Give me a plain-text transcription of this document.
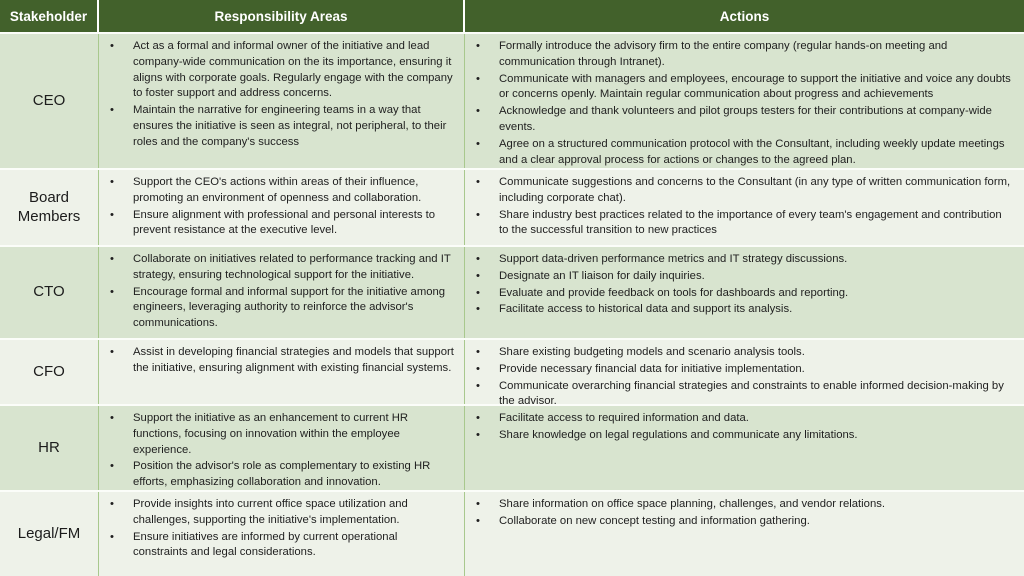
Stakeholder	Responsibility Areas	Actions
CEO
• Act as a formal and informal owner of the initiative and lead company-wide communication on the its importance, ensuring it aligns with corporate goals. Regularly engage with the company to foster support and address concerns.
• Maintain the narrative for engineering teams in a way that ensures the initiative is seen as integral, not peripheral, to their roles and the company's success
• Formally introduce the advisory firm to the entire company (regular hands-on meeting and communication through Intranet).
• Communicate with managers and employees, encourage to support the initiative and voice any doubts or concerns openly. Maintain regular communication about progress and achievements
• Acknowledge and thank volunteers and pilot groups testers for their contributions at company-wide events.
• Agree on a structured communication protocol with the Consultant, including weekly update meetings and a clear approval process for actions or changes to the agreed plan.
Board Members
• Support the CEO's actions within areas of their influence, promoting an environment of openness and collaboration.
• Ensure alignment with professional and personal interests to prevent resistance at the executive level.
• Communicate suggestions and concerns to the Consultant (in any type of written communication form, including corporate chat).
• Share industry best practices related to the importance of every team's engagement and contribution to the successful transition to new practices
CTO
• Collaborate on initiatives related to performance tracking and IT strategy, ensuring technological support for the initiative.
• Encourage formal and informal support for the initiative among engineers, leveraging authority to reinforce the advisor's communications.
• Support data-driven performance metrics and IT strategy discussions.
• Designate an IT liaison for daily inquiries.
• Evaluate and provide feedback on tools for dashboards and reporting.
• Facilitate access to historical data and support its analysis.
CFO
• Assist in developing financial strategies and models that support the initiative, ensuring alignment with existing financial systems.
• Share existing budgeting models and scenario analysis tools.
• Provide necessary financial data for initiative implementation.
• Communicate overarching financial strategies and constraints to enable informed decision-making by the advisor.
HR
• Support the initiative as an enhancement to current HR functions, focusing on innovation within the employee experience.
• Position the advisor's role as complementary to existing HR efforts, emphasizing collaboration and innovation.
• Facilitate access to required information and data.
• Share knowledge on legal regulations and communicate any limitations.
Legal/FM
• Provide insights into current office space utilization and challenges, supporting the initiative's implementation.
• Ensure initiatives are informed by current operational constraints and legal considerations.
• Share information on office space planning, challenges, and vendor relations.
• Collaborate on new concept testing and information gathering.
